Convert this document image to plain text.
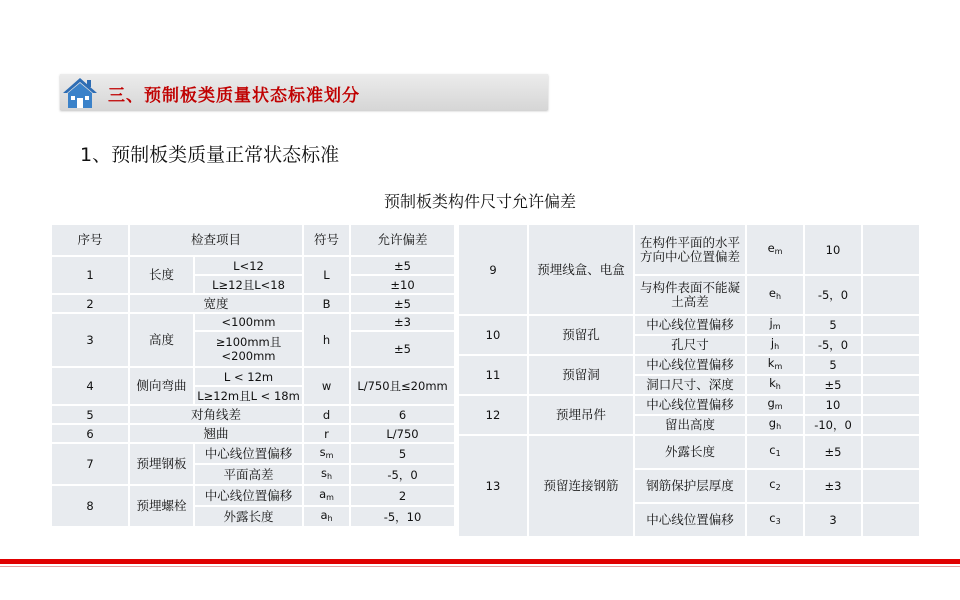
三、预制板类质量状态标准划分
1、预制板类质量正常状态标准
预制板类构件尺寸允许偏差
序号	检查项目		符号	允许偏差
1	长度	L<12	L	±5
		L≥12且L<18		±10
2	宽度		B	±5
3	高度	<100mm	h	±3
		≥100mm且<200mm		±5
4	侧向弯曲	L < 12m	w	L/750且≤20mm
		L≥12m且L < 18m		
5	对角线差		d	6
6	翘曲		r	L/750
7	预埋钢板	中心线位置偏移	$s_m$	5
		平面高差	$s_h$	-5，0
8	预埋螺栓	中心线位置偏移	$a_m$	2
		外露长度	$a_h$	-5，10
9	预埋线盒、电盒	在构件平面的水平方向中心位置偏差	$e_m$	10	
		与构件表面不能凝土高差	$e_h$	-5，0	
10	预留孔	中心线位置偏移	$j_m$	5	
		孔尺寸	$j_h$	-5，0	
11	预留洞	中心线位置偏移	$k_m$	5	
		洞口尺寸、深度	$k_h$	±5	
12	预埋吊件	中心线位置偏移	$g_m$	10	
		留出高度	$g_h$	-10，0	
13	预留连接钢筋	外露长度	$c_1$	±5	
		钢筋保护层厚度	$c_2$	±3	
		中心线位置偏移	$c_3$	3	
